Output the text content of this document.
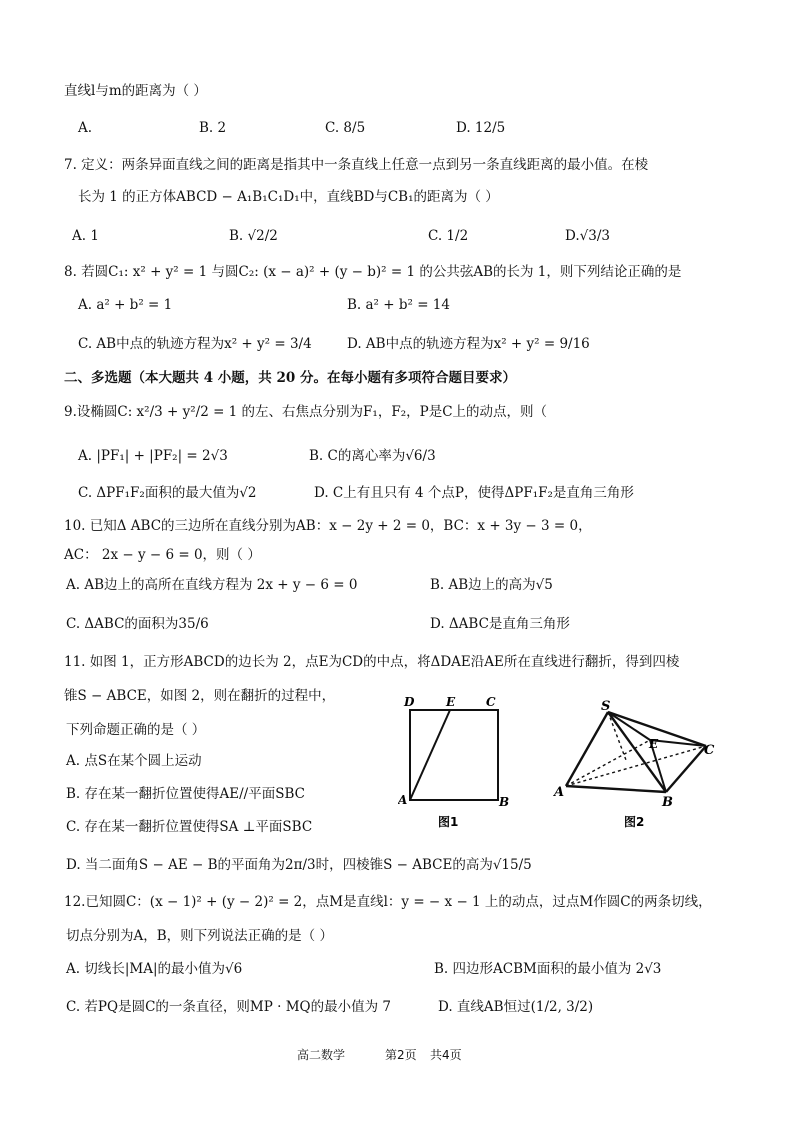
直线l与m的距离为（ ）
A.	B. 2	C. 8/5	D. 12/5
7. 定义：两条异面直线之间的距离是指其中一条直线上任意一点到另一条直线距离的最小值。在棱
长为 1 的正方体ABCD − A₁B₁C₁D₁中，直线BD与CB₁的距离为（ ）
A. 1	B. √2/2	C. 1/2	D.√3/3
8. 若圆C₁: x² + y² = 1 与圆C₂: (x − a)² + (y − b)² = 1 的公共弦AB的长为 1，则下列结论正确的是
A. a² + b² = 1	B. a² + b² = 14
C. AB中点的轨迹方程为x² + y² = 3/4	D. AB中点的轨迹方程为x² + y² = 9/16
二、多选题（本大题共 4 小题，共 20 分。在每小题有多项符合题目要求）
9.设椭圆C: x²/3 + y²/2 = 1 的左、右焦点分别为F₁，F₂，P是C上的动点，则（
A. |PF₁| + |PF₂| = 2√3	B. C的离心率为√6/3
C. ΔPF₁F₂面积的最大值为√2	D. C上有且只有 4 个点P，使得ΔPF₁F₂是直角三角形
10. 已知Δ ABC的三边所在直线分别为AB：x − 2y + 2 = 0，BC：x + 3y − 3 = 0，
AC： 2x − y − 6 = 0，则（ ）
A. AB边上的高所在直线方程为 2x + y − 6 = 0	B. AB边上的高为√5
C. ΔABC的面积为35/6	D. ΔABC是直角三角形
11. 如图 1，正方形ABCD的边长为 2，点E为CD的中点，将ΔDAE沿AE所在直线进行翻折，得到四棱
锥S − ABCE，如图 2，则在翻折的过程中，
下列命题正确的是（ ）
A. 点S在某个圆上运动
B. 存在某一翻折位置使得AE//平面SBC
C. 存在某一翻折位置使得SA ⊥平面SBC
D. 当二面角S − AE − B的平面角为2π/3时，四棱锥S − ABCE的高为√15/5
D	E	C
A	B
图1
S
E	C
A
B
图2
12.已知圆C：(x − 1)² + (y − 2)² = 2，点M是直线l：y = − x − 1 上的动点，过点M作圆C的两条切线，
切点分别为A，B，则下列说法正确的是（ ）
A. 切线长|MA|的最小值为√6	B. 四边形ACBM面积的最小值为 2√3
C. 若PQ是圆C的一条直径，则MP · MQ的最小值为 7	D. 直线AB恒过(1/2, 3/2)
高二数学	第2页 共4页
